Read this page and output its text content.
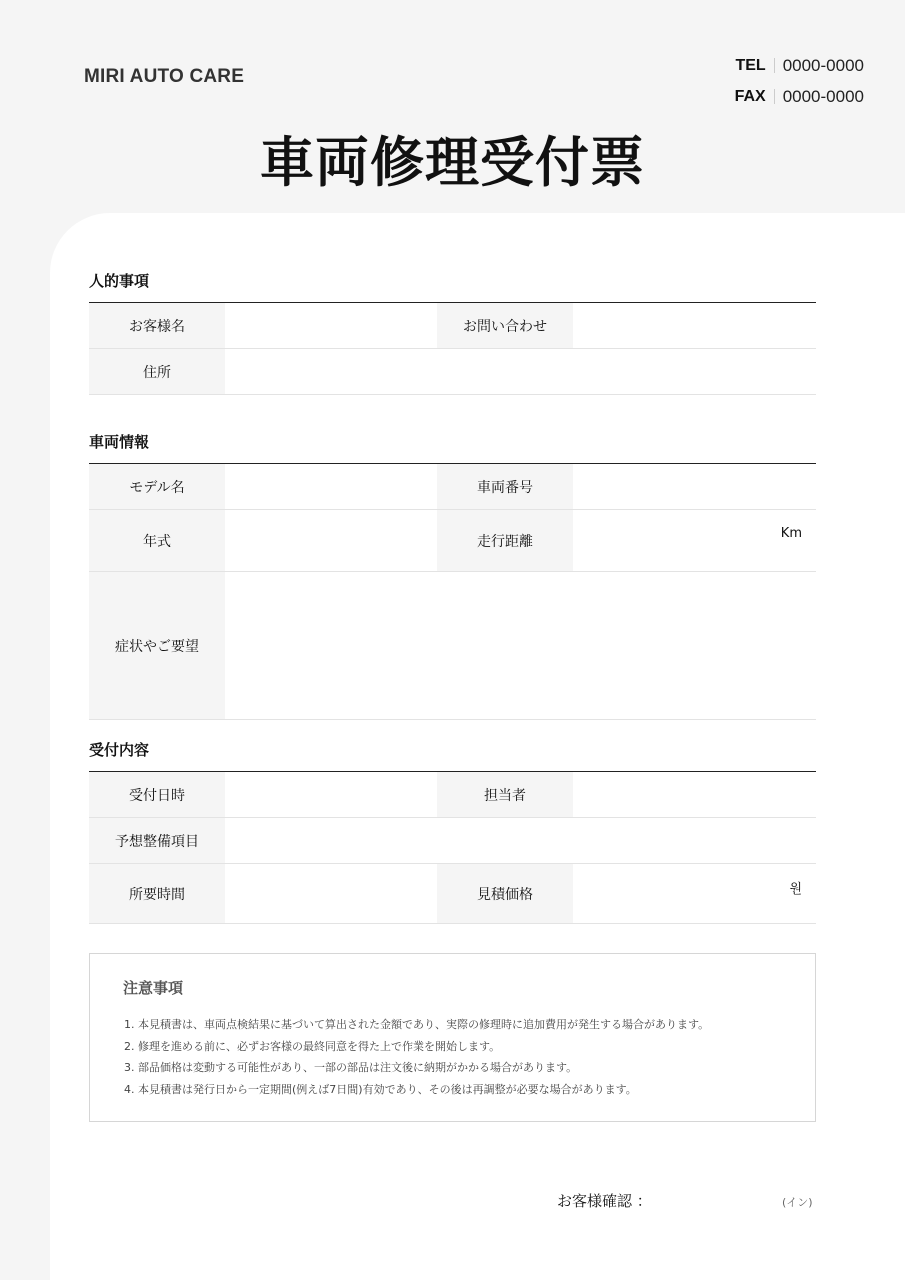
MIRI AUTO CARE
TEL 0000-0000
FAX 0000-0000
車両修理受付票
人的事項
お客様名		お問い合わせ	
住所			
車両情報
モデル名		車両番号	
年式		走行距離	Km
症状やご要望			
受付内容
受付日時		担当者	
予想整備項目			
所要時間		見積価格	원
注意事項
1. 本見積書は、車両点検結果に基づいて算出された金額であり、実際の修理時に追加費用が発生する場合があります。
2. 修理を進める前に、必ずお客様の最終同意を得た上で作業を開始します。
3. 部品価格は変動する可能性があり、一部の部品は注文後に納期がかかる場合があります。
4. 本見積書は発行日から一定期間(例えば7日間)有効であり、その後は再調整が必要な場合があります。
お客様確認 ：	(イン)
